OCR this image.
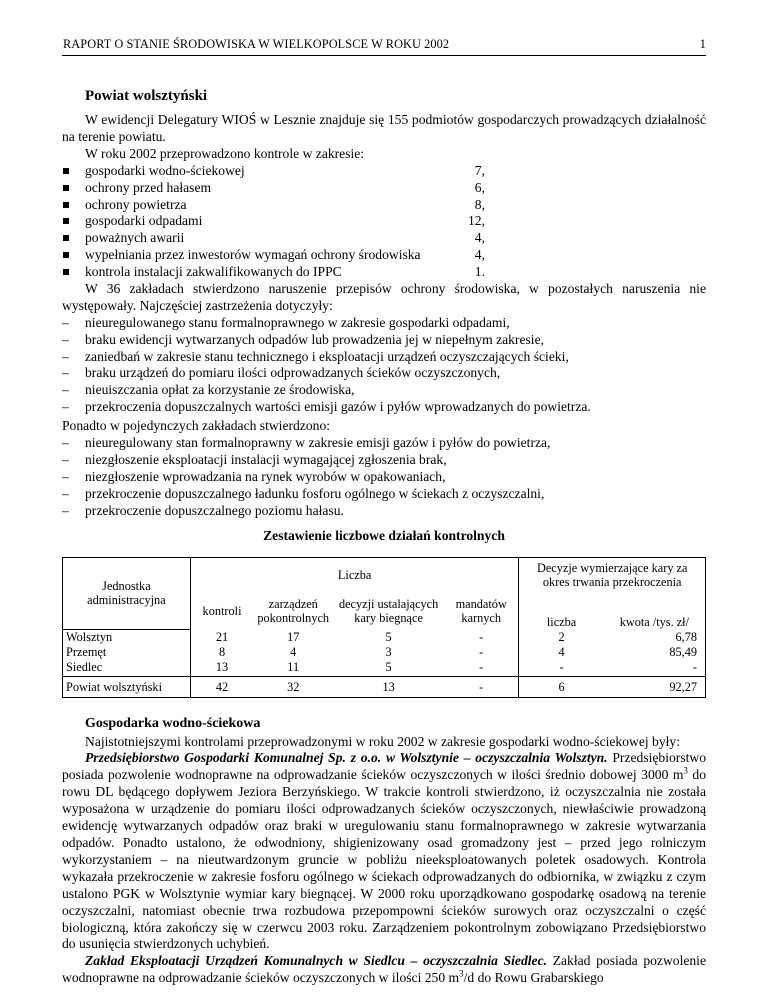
RAPORT O STANIE ŚRODOWISKA W WIELKOPOLSCE W ROKU 2002	1
Powiat wolsztyński

W ewidencji Delegatury WIOŚ w Lesznie znajduje się 155 podmiotów gospodarczych prowadzących działalność na terenie powiatu.

W roku 2002 przeprowadzono kontrole w zakresie:

gospodarki wodno-ściekowej	7,
ochrony przed hałasem	6,
ochrony powietrza	8,
gospodarki odpadami	12,
poważnych awarii	4,
wypełniania przez inwestorów wymagań ochrony środowiska	4,
kontrola instalacji zakwalifikowanych do IPPC	1.

W 36 zakładach stwierdzono naruszenie przepisów ochrony środowiska, w pozostałych naruszenia nie występowały. Najczęściej zastrzeżenia dotyczyły:

– nieuregulowanego stanu formalnoprawnego w zakresie gospodarki odpadami,
– braku ewidencji wytwarzanych odpadów lub prowadzenia jej w niepełnym zakresie,
– zaniedbań w zakresie stanu technicznego i eksploatacji urządzeń oczyszczających ścieki,
– braku urządzeń do pomiaru ilości odprowadzanych ścieków oczyszczonych,
– nieuiszczania opłat za korzystanie ze środowiska,
– przekroczenia dopuszczalnych wartości emisji gazów i pyłów wprowadzanych do powietrza.

Ponadto w pojedynczych zakładach stwierdzono:

– nieuregulowany stan formalnoprawny w zakresie emisji gazów i pyłów do powietrza,
– niezgłoszenie eksploatacji instalacji wymagającej zgłoszenia brak,
– niezgłoszenie wprowadzania na rynek wyrobów w opakowaniach,
– przekroczenie dopuszczalnego ładunku fosforu ogólnego w ściekach z oczyszczalni,
– przekroczenie dopuszczalnego poziomu hałasu.
Zestawienie liczbowe działań kontrolnych
Jednostka administracyjna	Liczba				Decyzje wymierzające kary za okres trwania przekroczenia	
	kontroli	zarządzeń pokontrolnych	decyzji ustalających kary biegnące	mandatów karnych	liczba	kwota /tys. zł/
Wolsztyn	21	17	5	-	2	6,78
Przemęt	8	4	3	-	4	85,49
Siedlec	13	11	5	-	-	-
Powiat wolsztyński	42	32	13	-	6	92,27
Gospodarka wodno-ściekowa

Najistotniejszymi kontrolami przeprowadzonymi w roku 2002 w zakresie gospodarki wodno-ściekowej były:

Przedsiębiorstwo Gospodarki Komunalnej Sp. z o.o. w Wolsztynie – oczyszczalnia Wolsztyn. Przedsiębiorstwo posiada pozwolenie wodnoprawne na odprowadzanie ścieków oczyszczonych w ilości średnio dobowej 3000 $m^3$ do rowu DL będącego dopływem Jeziora Berzyńskiego. W trakcie kontroli stwierdzono, iż oczyszczalnia nie została wyposażona w urządzenie do pomiaru ilości odprowadzanych ścieków oczyszczonych, niewłaściwie prowadzoną ewidencję wytwarzanych odpadów oraz braki w uregulowaniu stanu formalnoprawnego w zakresie wytwarzania odpadów. Ponadto ustalono, że odwodniony, shigienizowany osad gromadzony jest – przed jego rolniczym wykorzystaniem – na nieutwardzonym gruncie w pobliżu nieeksploatowanych poletek osadowych. Kontrola wykazała przekroczenie w zakresie fosforu ogólnego w ściekach odprowadzanych do odbiornika, w związku z czym ustalono PGK w Wolsztynie wymiar kary biegnącej. W 2000 roku uporządkowano gospodarkę osadową na terenie oczyszczalni, natomiast obecnie trwa rozbudowa przepompowni ścieków surowych oraz oczyszczalni o część biologiczną, która zakończy się w czerwcu 2003 roku. Zarządzeniem pokontrolnym zobowiązano Przedsiębiorstwo do usunięcia stwierdzonych uchybień.

Zakład Eksploatacji Urządzeń Komunalnych w Siedlcu – oczyszczalnia Siedlec. Zakład posiada pozwolenie wodnoprawne na odprowadzanie ścieków oczyszczonych w ilości 250 $m^3/d$ do Rowu Grabarskiego
